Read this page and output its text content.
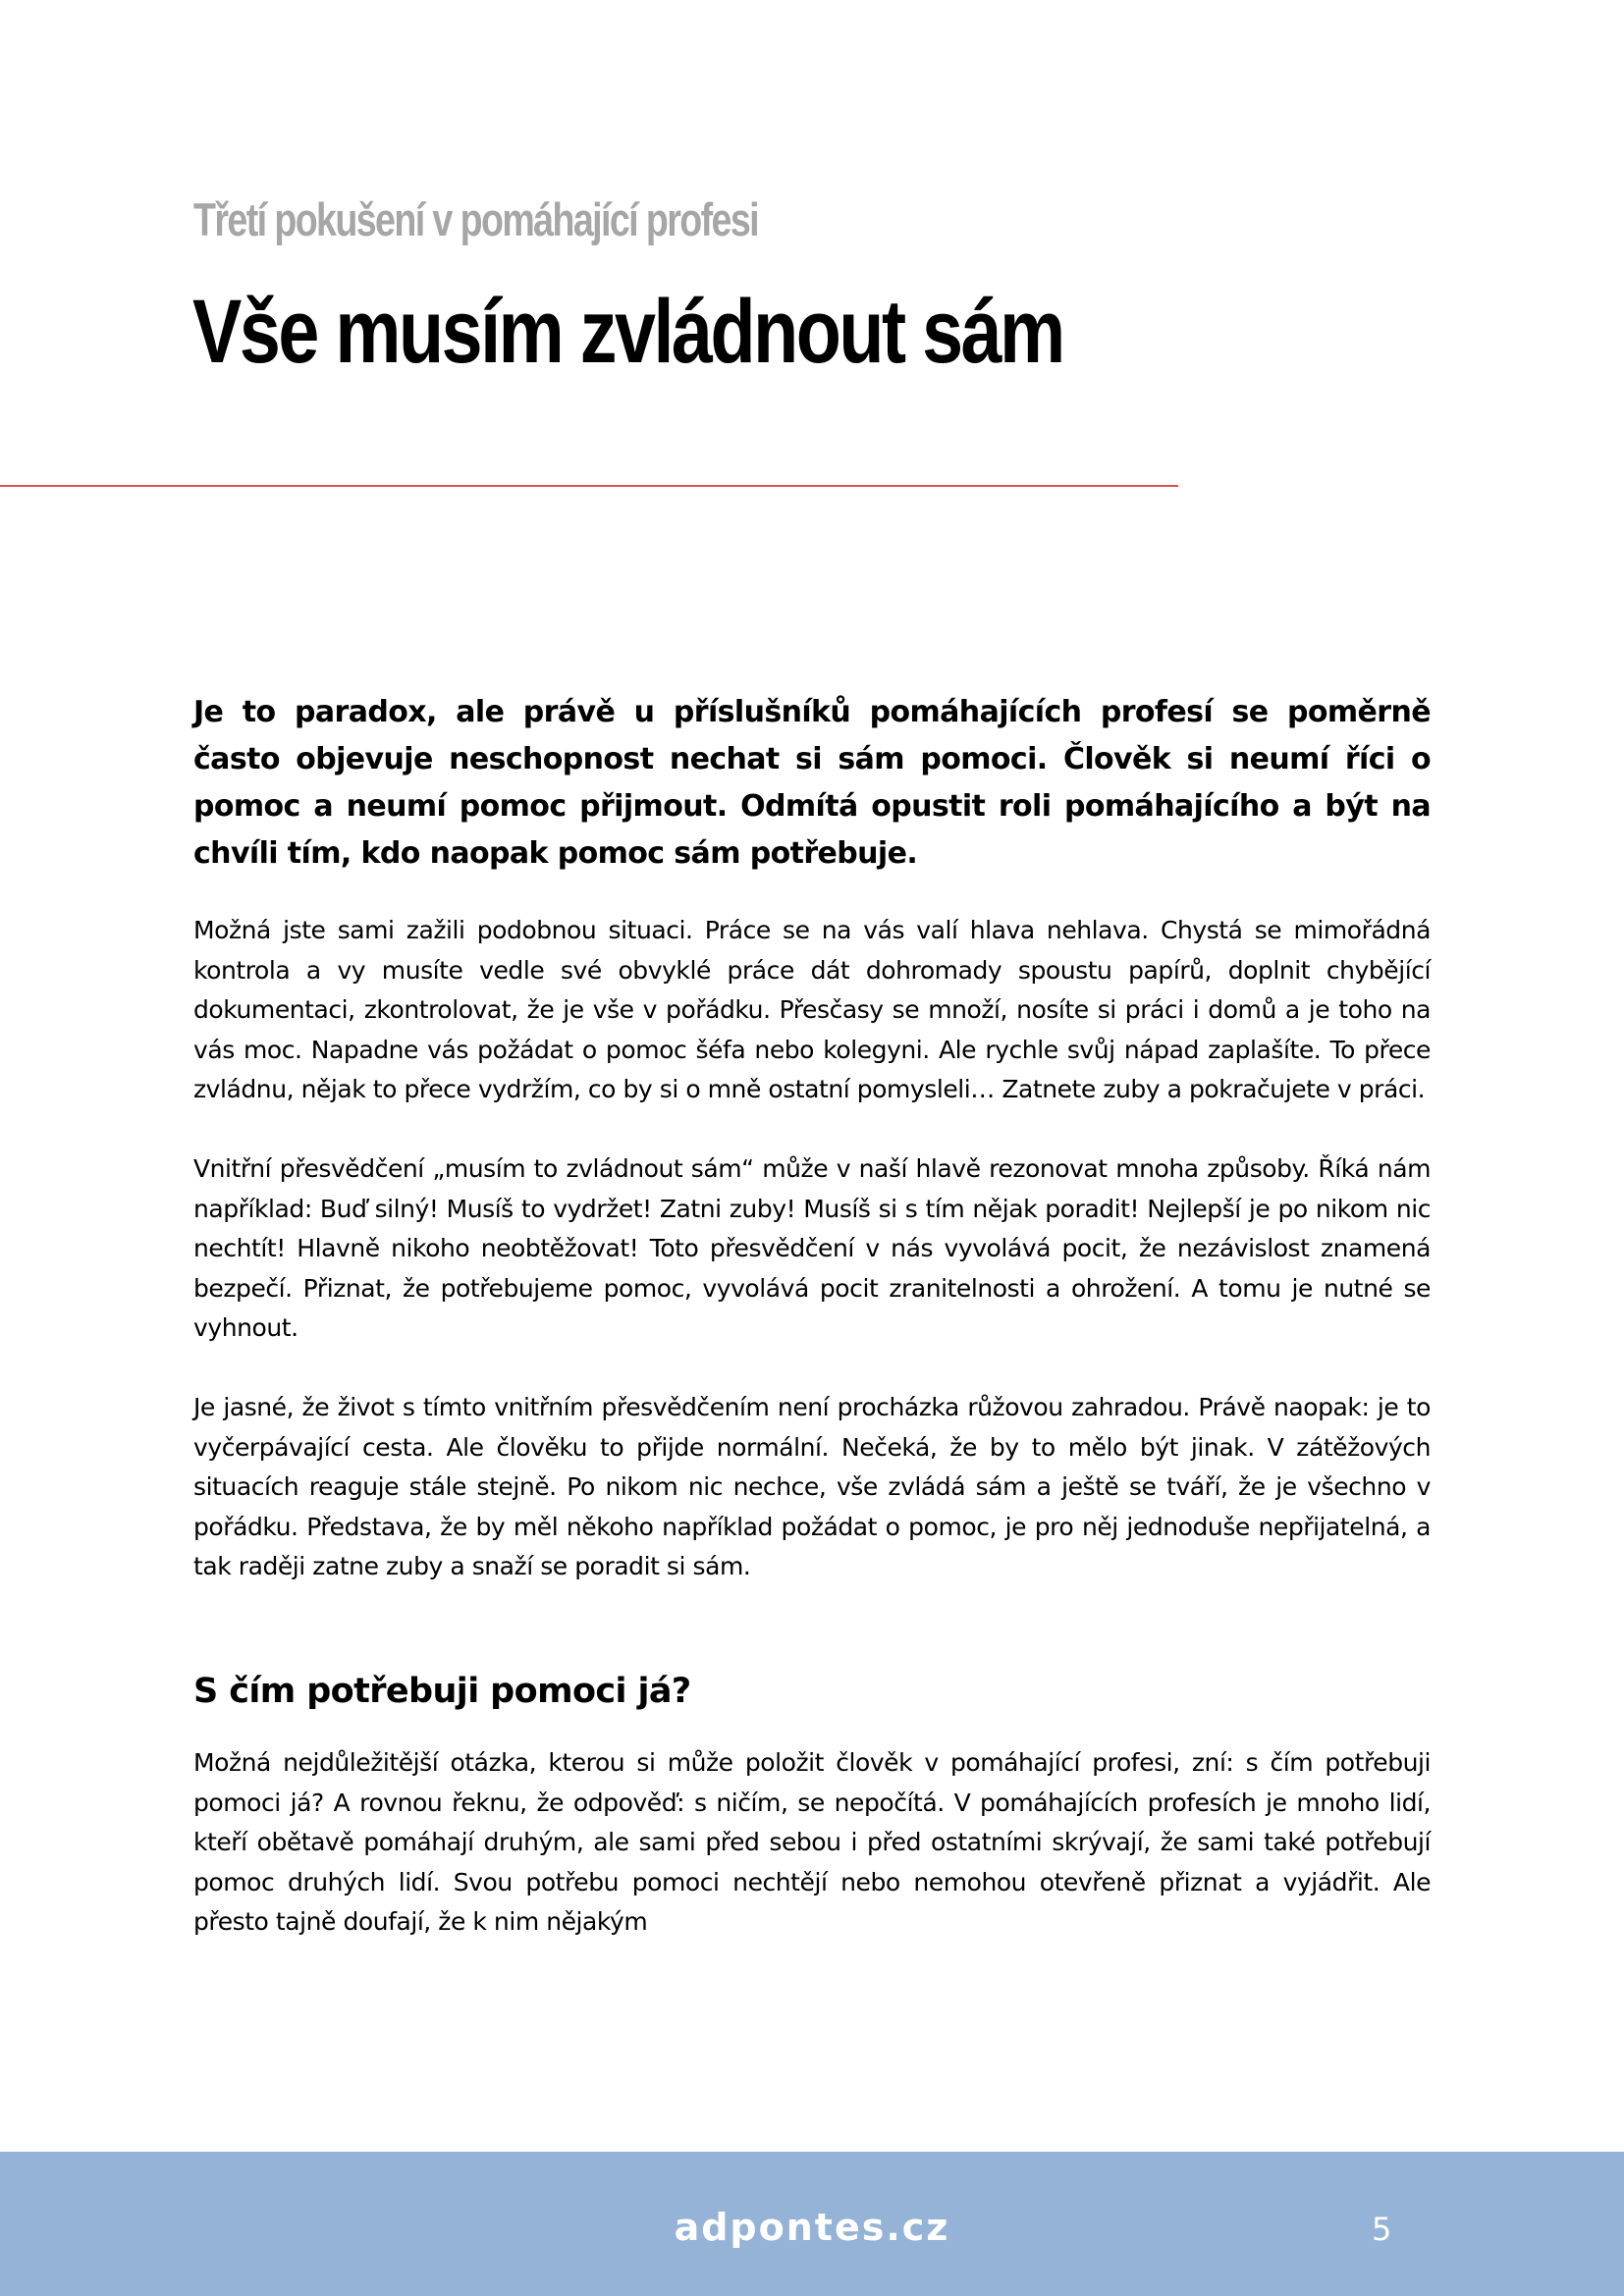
Třetí pokušení v pomáhající profesi
Vše musím zvládnout sám

Je to paradox, ale právě u příslušníků pomáhajících profesí se poměrně často objevuje neschopnost nechat si sám pomoci. Člověk si neumí říci o pomoc a neumí pomoc přijmout. Odmítá opustit roli pomáhajícího a být na chvíli tím, kdo naopak pomoc sám potřebuje.

Možná jste sami zažili podobnou situaci. Práce se na vás valí hlava nehlava. Chystá se mimořádná kontrola a vy musíte vedle své obvyklé práce dát dohromady spoustu papírů, doplnit chybějící dokumentaci, zkontrolovat, že je vše v pořádku. Přesčasy se množí, nosíte si práci i domů a je toho na vás moc. Napadne vás požádat o pomoc šéfa nebo kolegyni. Ale rychle svůj nápad zaplašíte. To přece zvládnu, nějak to přece vydržím, co by si o mně ostatní pomysleli… Zatnete zuby a pokračujete v práci.

Vnitřní přesvědčení „musím to zvládnout sám“ může v naší hlavě rezonovat mnoha způsoby. Říká nám například: Buď silný! Musíš to vydržet! Zatni zuby! Musíš si s tím nějak poradit! Nejlepší je po nikom nic nechtít! Hlavně nikoho neobtěžovat! Toto přesvědčení v nás vyvolává pocit, že nezávislost znamená bezpečí. Přiznat, že potřebujeme pomoc, vyvolává pocit zranitelnosti a ohrožení. A tomu je nutné se vyhnout.

Je jasné, že život s tímto vnitřním přesvědčením není procházka růžovou zahradou. Právě naopak: je to vyčerpávající cesta. Ale člověku to přijde normální. Nečeká, že by to mělo být jinak. V zátěžových situacích reaguje stále stejně. Po nikom nic nechce, vše zvládá sám a ještě se tváří, že je všechno v pořádku. Představa, že by měl někoho například požádat o pomoc, je pro něj jednoduše nepřijatelná, a tak raději zatne zuby a snaží se poradit si sám.

S čím potřebuji pomoci já?

Možná nejdůležitější otázka, kterou si může položit člověk v pomáhající profesi, zní: s čím potřebuji pomoci já? A rovnou řeknu, že odpověď: s ničím, se nepočítá. V pomáhajících profesích je mnoho lidí, kteří obětavě pomáhají druhým, ale sami před sebou i před ostatními skrývají, že sami také potřebují pomoc druhých lidí. Svou potřebu pomoci nechtějí nebo nemohou otevřeně přiznat a vyjádřit. Ale přesto tajně doufají, že k nim nějakým

adpontes.cz	5
